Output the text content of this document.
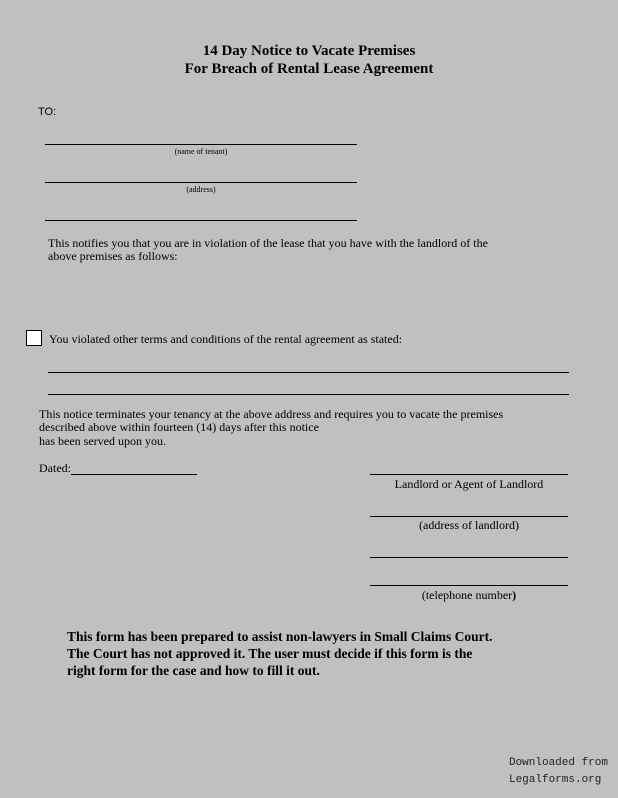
14 Day Notice to Vacate Premises
For Breach of Rental Lease Agreement
TO:
(name of tenant)
(address)
This notifies you that you are in violation of the lease that you have with the landlord of the
above premises as follows:
You violated other terms and conditions of the rental agreement as stated:
This notice terminates your tenancy at the above address and requires you to vacate the premises
described above within fourteen (14) days after this notice
has been served upon you.
Dated:
Landlord or Agent of Landlord
(address of landlord)
(telephone number)
This form has been prepared to assist non-lawyers in Small Claims Court.
The Court has not approved it. The user must decide if this form is the
right form for the case and how to fill it out.
Downloaded from
Legalforms.org
